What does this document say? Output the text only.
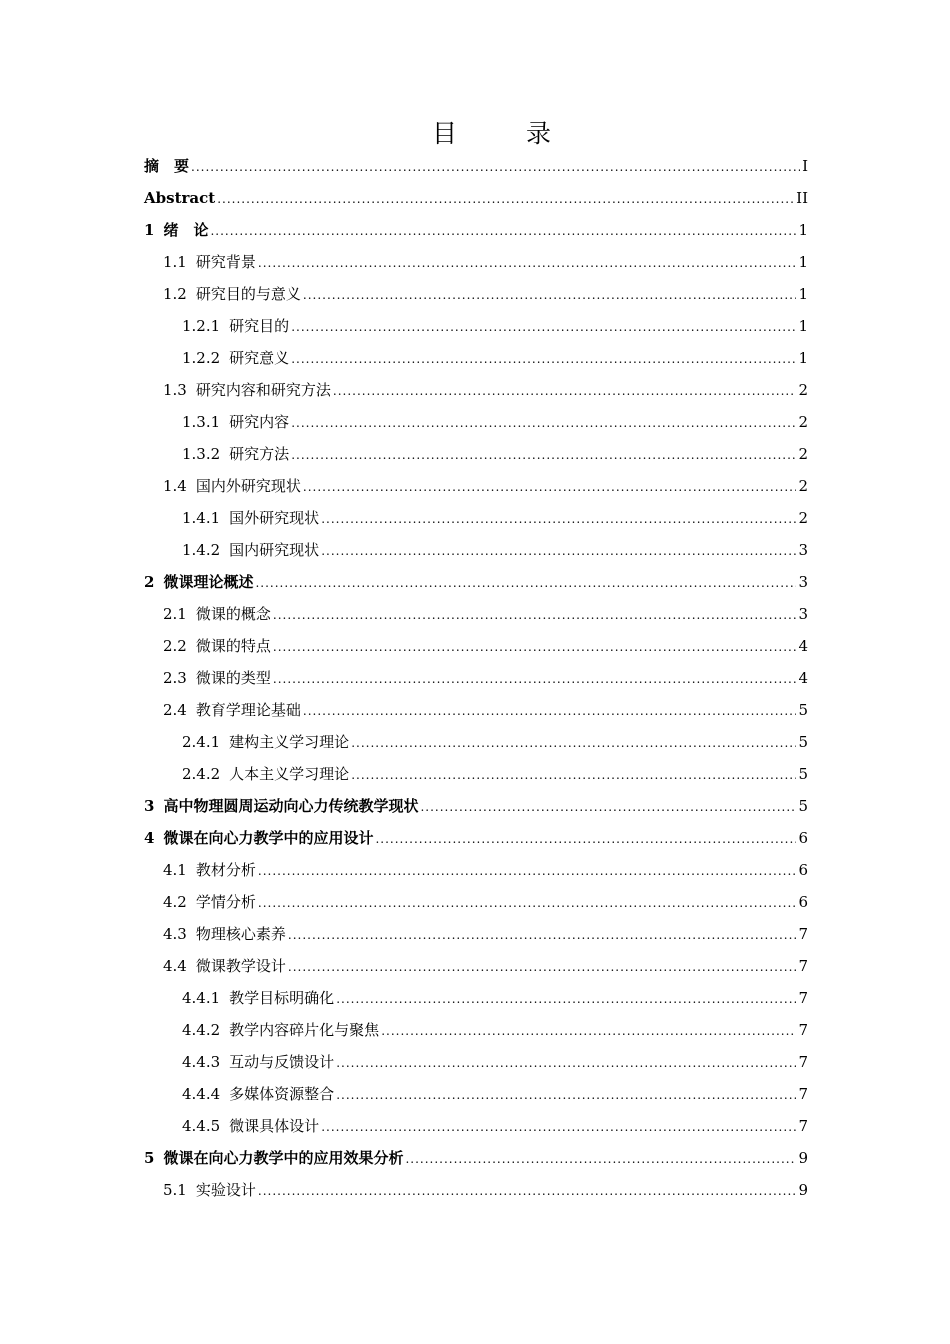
目　录
摘　要 .....	I
Abstract .....	II
1 绪　论 .....	1
1.1 研究背景 .....	1
1.2 研究目的与意义 .....	1
1.2.1 研究目的 .....	1
1.2.2 研究意义 .....	1
1.3 研究内容和研究方法 .....	2
1.3.1 研究内容 .....	2
1.3.2 研究方法 .....	2
1.4 国内外研究现状 .....	2
1.4.1 国外研究现状 .....	2
1.4.2 国内研究现状 .....	3
2 微课理论概述 .....	3
2.1 微课的概念 .....	3
2.2 微课的特点 .....	4
2.3 微课的类型 .....	4
2.4 教育学理论基础 .....	5
2.4.1 建构主义学习理论 .....	5
2.4.2 人本主义学习理论 .....	5
3 高中物理圆周运动向心力传统教学现状 .....	5
4 微课在向心力教学中的应用设计 .....	6
4.1 教材分析 .....	6
4.2 学情分析 .....	6
4.3 物理核心素养 .....	7
4.4 微课教学设计 .....	7
4.4.1 教学目标明确化 .....	7
4.4.2 教学内容碎片化与聚焦 .....	7
4.4.3 互动与反馈设计 .....	7
4.4.4 多媒体资源整合 .....	7
4.4.5 微课具体设计 .....	7
5 微课在向心力教学中的应用效果分析 .....	9
5.1 实验设计 .....	9
